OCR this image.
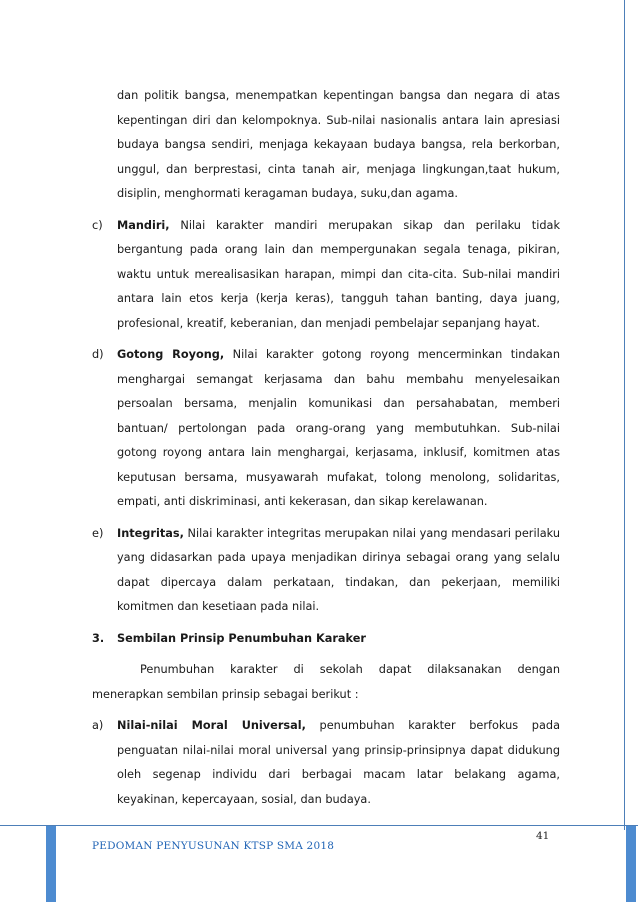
dan politik bangsa, menempatkan kepentingan bangsa dan negara di atas kepentingan diri dan kelompoknya. Sub-nilai nasionalis antara lain apresiasi budaya bangsa sendiri, menjaga kekayaan budaya bangsa, rela berkorban, unggul, dan berprestasi, cinta tanah air, menjaga lingkungan,taat hukum, disiplin, menghormati keragaman budaya, suku,dan agama.

c) Mandiri, Nilai karakter mandiri merupakan sikap dan perilaku tidak bergantung pada orang lain dan mempergunakan segala tenaga, pikiran, waktu untuk merealisasikan harapan, mimpi dan cita-cita. Sub-nilai mandiri antara lain etos kerja (kerja keras), tangguh tahan banting, daya juang, profesional, kreatif, keberanian, dan menjadi pembelajar sepanjang hayat.

d) Gotong Royong, Nilai karakter gotong royong mencerminkan tindakan menghargai semangat kerjasama dan bahu membahu menyelesaikan persoalan bersama, menjalin komunikasi dan persahabatan, memberi bantuan/ pertolongan pada orang-orang yang membutuhkan. Sub-nilai gotong royong antara lain menghargai, kerjasama, inklusif, komitmen atas keputusan bersama, musyawarah mufakat, tolong menolong, solidaritas, empati, anti diskriminasi, anti kekerasan, dan sikap kerelawanan.

e) Integritas, Nilai karakter integritas merupakan nilai yang mendasari perilaku yang didasarkan pada upaya menjadikan dirinya sebagai orang yang selalu dapat dipercaya dalam perkataan, tindakan, dan pekerjaan, memiliki komitmen dan kesetiaan pada nilai.

3. Sembilan Prinsip Penumbuhan Karaker

Penumbuhan karakter di sekolah dapat dilaksanakan dengan menerapkan sembilan prinsip sebagai berikut :

a) Nilai-nilai Moral Universal, penumbuhan karakter berfokus pada penguatan nilai-nilai moral universal yang prinsip-prinsipnya dapat didukung oleh segenap individu dari berbagai macam latar belakang agama, keyakinan, kepercayaan, sosial, dan budaya.

41
PEDOMAN PENYUSUNAN KTSP SMA 2018
